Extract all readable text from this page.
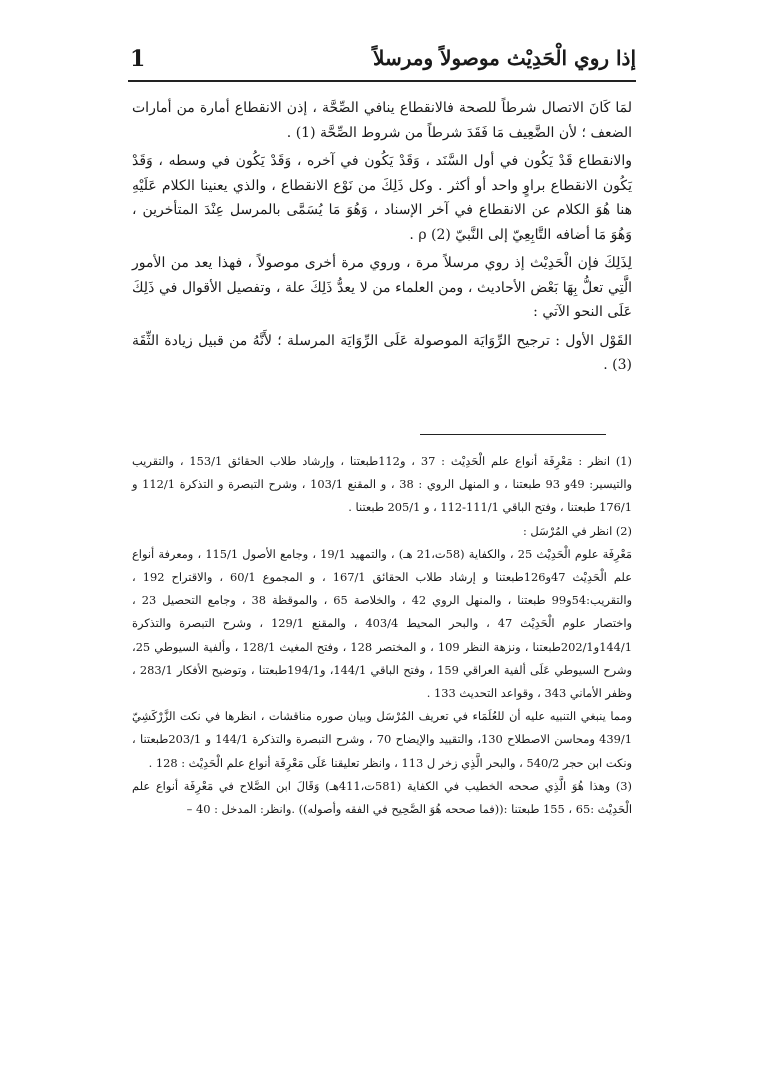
1	إذا روي الْحَدِيْث موصولاً ومرسلاً

لمَا كَانَ الاتصال شرطاً للصحة فالانقطاع ينافي الصِّحَّة ، إذن الانقطاع أمارة من أمارات الضعف ؛ لأن الضَّعِيف مَا فَقَدَ شرطاً من شروط الصِّحَّة (1) .

والانقطاع قَدْ يَكُون في أول السَّنَد ، وَقَدْ يَكُون في آخره ، وَقَدْ يَكُون في وسطه ، وَقَدْ يَكُون الانقطاع براوٍ واحد أو أكثر . وكل ذَلِكَ من نَوْع الانقطاع ، والذي يعنينا الكلام عَلَيْهِ هنا هُوَ الكلام عن الانقطاع في آخر الإسناد ، وَهُوَ مَا يُسَمَّى بالمرسل عِنْدَ المتأخرين ، وَهُوَ مَا أضافه التَّابِعِيّ إلى النَّبيّ ρ (2) .

لِذَلِكَ فإن الْحَدِيْث إذ روي مرسلاً مرة ، وروي مرة أخرى موصولاً ، فهذا يعد من الأمور الَّتِي تعلُّ بِهَا بَعْض الأحاديث ، ومن العلماء من لا يعدُّ ذَلِكَ علة ، وتفصيل الأقوال في ذَلِكَ عَلَى النحو الآتي :

القَوْل الأول : ترجيح الرِّوَايَة الموصولة عَلَى الرِّوَايَة المرسلة ؛ لأَنَّهُ من قبيل زيادة الثِّقَة (3) .

(1) انظر : مَعْرِفَة أنواع علم الْحَدِيْث : 37 ، و112طبعتنا ، وإرشاد طلاب الحقائق 153/1 ، والتقريب والتيسير: 49و 93 طبعتنا ، و المنهل الروي : 38 ، و المقنع 103/1 ، وشرح التبصرة و التذكرة 112/1 و 176/1 طبعتنا ، وفتح الباقي 111/1-112 ، و 205/1 طبعتنا .

(2) انظر في المُرْسَل :

مَعْرِفَة علوم الْحَدِيْث 25 ، والكفاية (58ت،21 هـ) ، والتمهيد 19/1 ، وجامع الأصول 115/1 ، ومعرفة أنواع علم الْحَدِيْث 47و126طبعتنا و إرشاد طلاب الحقائق 167/1 ، و المجموع 60/1 ، والاقتراح 192 ، والتقريب:54و99 طبعتنا ، والمنهل الروي 42 ، والخلاصة 65 ، والموقظة 38 ، وجامع التحصيل 23 ، واختصار علوم الْحَدِيْث 47 ، والبحر المحيط 403/4 ، والمقنع 129/1 ، وشرح التبصرة والتذكرة 144/1و202/1طبعتنا ، ونزهة النظر 109 ، و المختصر 128 ، وفتح المغيث 128/1 ، وألفية السيوطي 25، وشرح السيوطي عَلَى ألفية العراقي 159 ، وفتح الباقي 144/1، و194/1طبعتنا ، وتوضيح الأفكار 283/1 ، وظفر الأماني 343 ، وقواعد التحديث 133 .

ومما ينبغي التنبيه عليه أن للعُلَمَاء في تعريف المُرْسَل وبيان صوره مناقشات ، انظرها في نكت الزَّرْكَشِيّ 439/1 ومحاسن الاصطلاح 130، والتقييد والإيضاح 70 ، وشرح التبصرة والتذكرة 144/1 و 203/1طبعتنا ، ونكت ابن حجر 540/2 ، والبحر الَّذِي زخر ل 113 ، وانظر تعليقنا عَلَى مَعْرِفَة أنواع علم الْحَدِيْث : 128 .

(3) وهذا هُوَ الَّذِي صححه الخطيب في الكفاية (581ت،411هـ) وَقَالَ ابن الصَّلاح في مَعْرِفَة أنواع علم الْحَدِيْث :65 ، 155 طبعتنا :((فما صححه هُوَ الصَّحِيح في الفقه وأصوله)) .وانظر: المدخل : 40 –
